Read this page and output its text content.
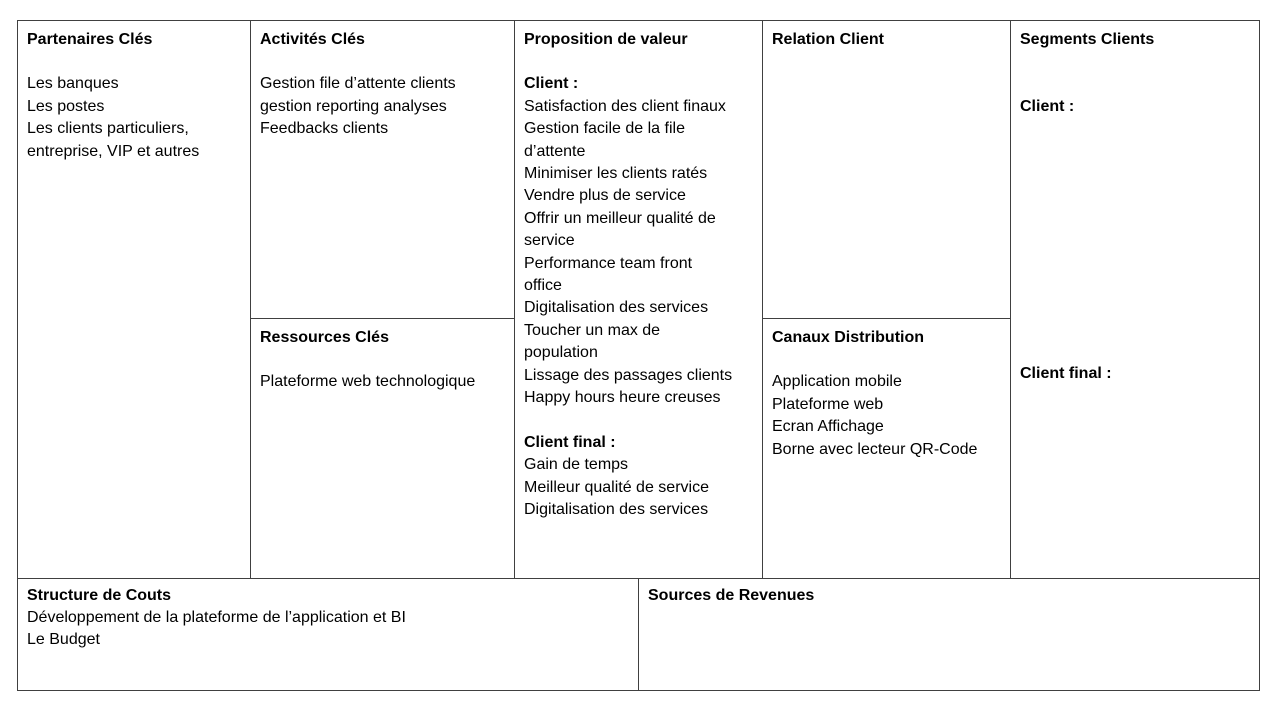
Partenaires Clés
Les banques
Les postes
Les clients particuliers,
entreprise, VIP et autres
Activités Clés
Gestion file d’attente clients
gestion reporting analyses
Feedbacks clients
Ressources Clés
Plateforme web technologique
Proposition de valeur
Client :
Satisfaction des client finaux
Gestion facile de la file
d’attente
Minimiser les clients ratés
Vendre plus de service
Offrir un meilleur qualité de
service
Performance team front
office
Digitalisation des services
Toucher un max de
population
Lissage des passages clients
Happy hours heure creuses
Client final :
Gain de temps
Meilleur qualité de service
Digitalisation des services
Relation Client
Canaux Distribution
Application mobile
Plateforme web
Ecran Affichage
Borne avec lecteur QR-Code
Segments Clients
Client :
Client final :
Structure de Couts
Développement de la plateforme de l’application et BI
Le Budget
Sources de Revenues
